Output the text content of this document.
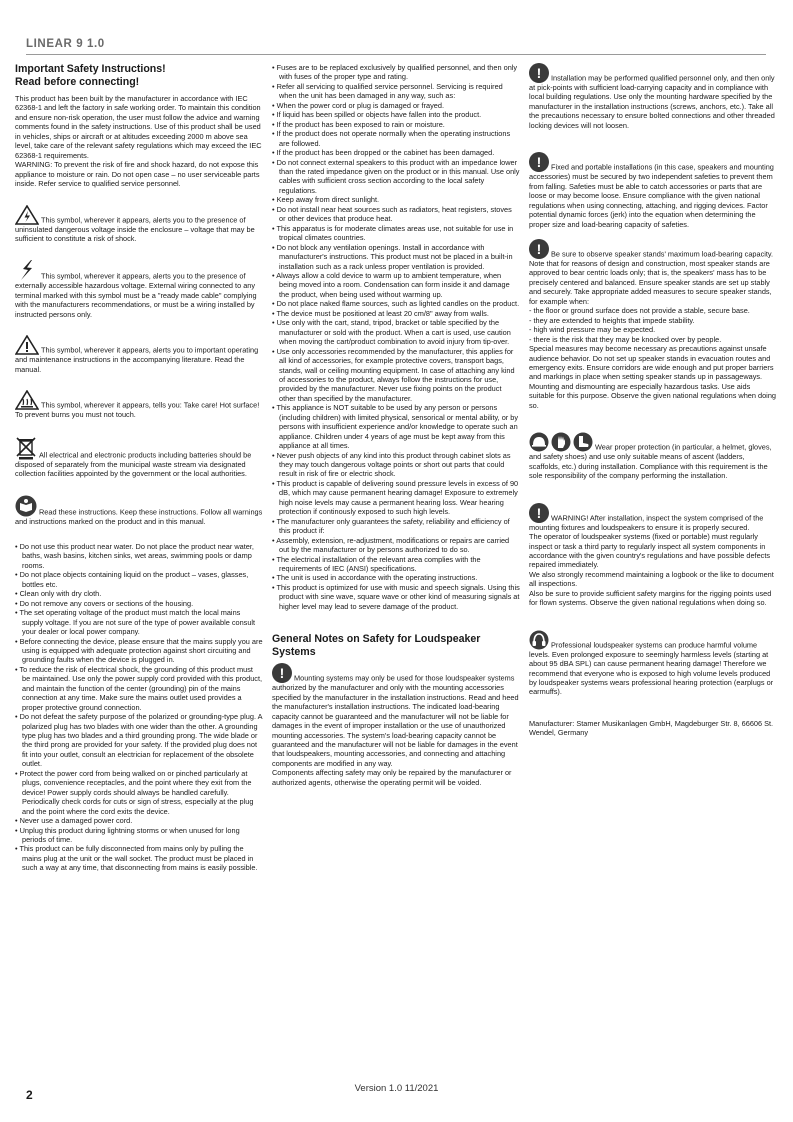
LINEAR 9 1.0
Important Safety Instructions!
Read before connecting!

This product has been built by the manufacturer in accordance with IEC 62368-1 and left the factory in safe working order. To maintain this condition and ensure non-risk operation, the user must follow the advice and warning comments found in the safety instructions. Use of this product shall be used in vehicles, ships or aircraft or at altitudes exceeding 2000 m above sea level, take care of the relevant safety regulations which may exceed the IEC 62368-1 requirements.
WARNING: To prevent the risk of fire and shock hazard, do not expose this appliance to moisture or rain. Do not open case – no user serviceable parts inside. Refer service to qualified service personnel.

This symbol, wherever it appears, alerts you to the presence of uninsulated dangerous voltage inside the enclosure – voltage that may be sufficient to constitute a risk of shock.

This symbol, wherever it appears, alerts you to the presence of externally accessible hazardous voltage. External wiring connected to any terminal marked with this symbol must be a "ready made cable" complying with the manufacturers recommendations, or must be a wiring installed by instructed persons only.

This symbol, wherever it appears, alerts you to important operating and maintenance instructions in the accompanying literature. Read the manual.

This symbol, wherever it appears, tells you: Take care! Hot surface! To prevent burns you must not touch.

All electrical and electronic products including batteries should be disposed of separately from the municipal waste stream via designated collection facilities appointed by the government or the local authorities.

Read these instructions. Keep these instructions. Follow all warnings and instructions marked on the product and in this manual.

• Do not use this product near water. Do not place the product near water, baths, wash basins, kitchen sinks, wet areas, swimming pools or damp rooms.
• Do not place objects containing liquid on the product – vases, glasses, bottles etc.
• Clean only with dry cloth.
• Do not remove any covers or sections of the housing.
• The set operating voltage of the product must match the local mains supply voltage. If you are not sure of the type of power available consult your dealer or local power company.
• Before connecting the device, please ensure that the mains supply you are using is equipped with adequate protection against short circuiting and grounding faults when the device is plugged in.
• To reduce the risk of electrical shock, the grounding of this product must be maintained. Use only the power supply cord provided with this product, and maintain the function of the center (grounding) pin of the mains connection at any time. Make sure the mains outlet used provides a proper protective ground connection.
• Do not defeat the safety purpose of the polarized or grounding-type plug. A polarized plug has two blades with one wider than the other. A grounding type plug has two blades and a third grounding prong. The wide blade or the third prong are provided for your safety. If the provided plug does not fit into your outlet, consult an electrician for replacement of the obsolete outlet.
• Protect the power cord from being walked on or pinched particularly at plugs, convenience receptacles, and the point where they exit from the device! Power supply cords should always be handled carefully. Periodically check cords for cuts or sign of stress, especially at the plug and the point where the cord exits the device.
• Never use a damaged power cord.
• Unplug this product during lightning storms or when unused for long periods of time.
• This product can be fully disconnected from mains only by pulling the mains plug at the unit or the wall socket. The product must be placed in such a way at any time, that disconnecting from mains is easily possible.
• Fuses are to be replaced exclusively by qualified personnel, and then only with fuses of the proper type and rating.
• Refer all servicing to qualified service personnel. Servicing is required when the unit has been damaged in any way, such as:
• When the power cord or plug is damaged or frayed.
• If liquid has been spilled or objects have fallen into the product.
• If the product has been exposed to rain or moisture.
• If the product does not operate normally when the operating instructions are followed.
• If the product has been dropped or the cabinet has been damaged.
• Do not connect external speakers to this product with an impedance lower than the rated impedance given on the product or in this manual. Use only cables with sufficient cross section according to the local safety regulations.
• Keep away from direct sunlight.
• Do not install near heat sources such as radiators, heat registers, stoves or other devices that produce heat.
• This apparatus is for moderate climates areas use, not suitable for use in tropical climates countries.
• Do not block any ventilation openings. Install in accordance with manufacturer's instructions. This product must not be placed in a built-in installation such as a rack unless proper ventilation is provided.
• Always allow a cold device to warm up to ambient temperature, when being moved into a room. Condensation can form inside it and damage the product, when being used without warming up.
• Do not place naked flame sources, such as lighted candles on the product.
• The device must be positioned at least 20 cm/8" away from walls.
• Use only with the cart, stand, tripod, bracket or table specified by the manufacturer or sold with the product. When a cart is used, use caution when moving the cart/product combination to avoid injury from tip-over.
• Use only accessories recommended by the manufacturer, this applies for all kind of accessories, for example protective covers, transport bags, stands, wall or ceiling mounting equipment. In case of attaching any kind of accessories to the product, always follow the instructions for use, provided by the manufacturer. Never use fixing points on the product other than specified by the manufacturer.
• This appliance is NOT suitable to be used by any person or persons (including children) with limited physical, sensorical or mental ability, or by persons with insufficient experience and/or knowledge to operate such an appliance. Children under 4 years of age must be kept away from this appliance at all times.
• Never push objects of any kind into this product through cabinet slots as they may touch dangerous voltage points or short out parts that could result in risk of fire or electric shock.
• This product is capable of delivering sound pressure levels in excess of 90 dB, which may cause permanent hearing damage! Exposure to extremely high noise levels may cause a permanent hearing loss. Wear hearing protection if continously exposed to such high levels.
• The manufacturer only guarantees the safety, reliability and efficiency of this product if:
• Assembly, extension, re-adjustment, modifications or repairs are carried out by the manufacturer or by persons authorized to do so.
• The electrical installation of the relevant area complies with the requirements of IEC (ANSI) specifications.
• The unit is used in accordance with the operating instructions.
• This product is optimized for use with music and speech signals. Using this product with sine wave, square wave or other kind of measuring signals at higher level may lead to severe damage of the product.
General Notes on Safety for Loudspeaker
Systems

! Mounting systems may only be used for those loudspeaker systems authorized by the manufacturer and only with the mounting accessories specified by the manufacturer in the installation instructions. Read and heed the manufacturer's installation instructions. The indicated load-bearing capacity cannot be guaranteed and the manufacturer will not be liable for damages in the event of improper installation or the use of unauthorized mounting accessories. The system's load-bearing capacity cannot be guaranteed and the manufacturer will not be liable for damages in the event that loudspeakers, mounting accessories, and connecting and attaching components are modified in any way.
Components affecting safety may only be repaired by the manufacturer or authorized agents, otherwise the operating permit will be voided.

! Installation may be performed qualified personnel only, and then only at pick-points with sufficient load-carrying capacity and in compliance with local building regulations. Use only the mounting hardware specified by the manufacturer in the installation instructions (screws, anchors, etc.). Take all the precautions necessary to ensure bolted connections and other threaded locking devices will not loosen.

! Fixed and portable installations (in this case, speakers and mounting accessories) must be secured by two independent safeties to prevent them from falling. Safeties must be able to catch accessories or parts that are loose or may become loose. Ensure compliance with the given national regulations when using connecting, attaching, and rigging devices. Factor potential dynamic forces (jerk) into the equation when determining the proper size and load-bearing capacity of safeties.

! Be sure to observe speaker stands' maximum load-bearing capacity. Note that for reasons of design and construction, most speaker stands are approved to bear centric loads only; that is, the speakers' mass has to be precisely centered and balanced. Ensure speaker stands are set up stably and securely. Take appropriate added measures to secure speaker stands, for example when:
- the floor or ground surface does not provide a stable, secure base.
- they are extended to heights that impede stability.
- high wind pressure may be expected.
- there is the risk that they may be knocked over by people.
Special measures may become necessary as precautions against unsafe audience behavior. Do not set up speaker stands in evacuation routes and emergency exits. Ensure corridors are wide enough and put proper barriers and markings in place when setting speaker stands up in passageways. Mounting and dismounting are especially hazardous tasks. Use aids suitable for this purpose. Observe the given national regulations when doing so.

Wear proper protection (in particular, a helmet, gloves, and safety shoes) and use only suitable means of ascent (ladders, scaffolds, etc.) during installation. Compliance with this requirement is the sole responsibility of the company performing the installation.

! WARNING! After installation, inspect the system comprised of the mounting fixtures and loudspeakers to ensure it is properly secured.
The operator of loudspeaker systems (fixed or portable) must regularly inspect or task a third party to regularly inspect all system components in accordance with the given country's regulations and have possible defects repaired immediately.
We also strongly recommend maintaining a logbook or the like to document all inspections.
Also be sure to provide sufficient safety margins for the rigging points used for flown systems. Observe the given national regulations when doing so.

Professional loudspeaker systems can produce harmful volume levels. Even prolonged exposure to seemingly harmless levels (starting at about 95 dBA SPL) can cause permanent hearing damage! Therefore we recommend that everyone who is exposed to high volume levels produced by loudspeaker systems wears professional hearing protection (earplugs or earmuffs).

Manufacturer: Stamer Musikanlagen GmbH, Magdeburger Str. 8, 66606 St. Wendel, Germany

2	Version 1.0 11/2021
